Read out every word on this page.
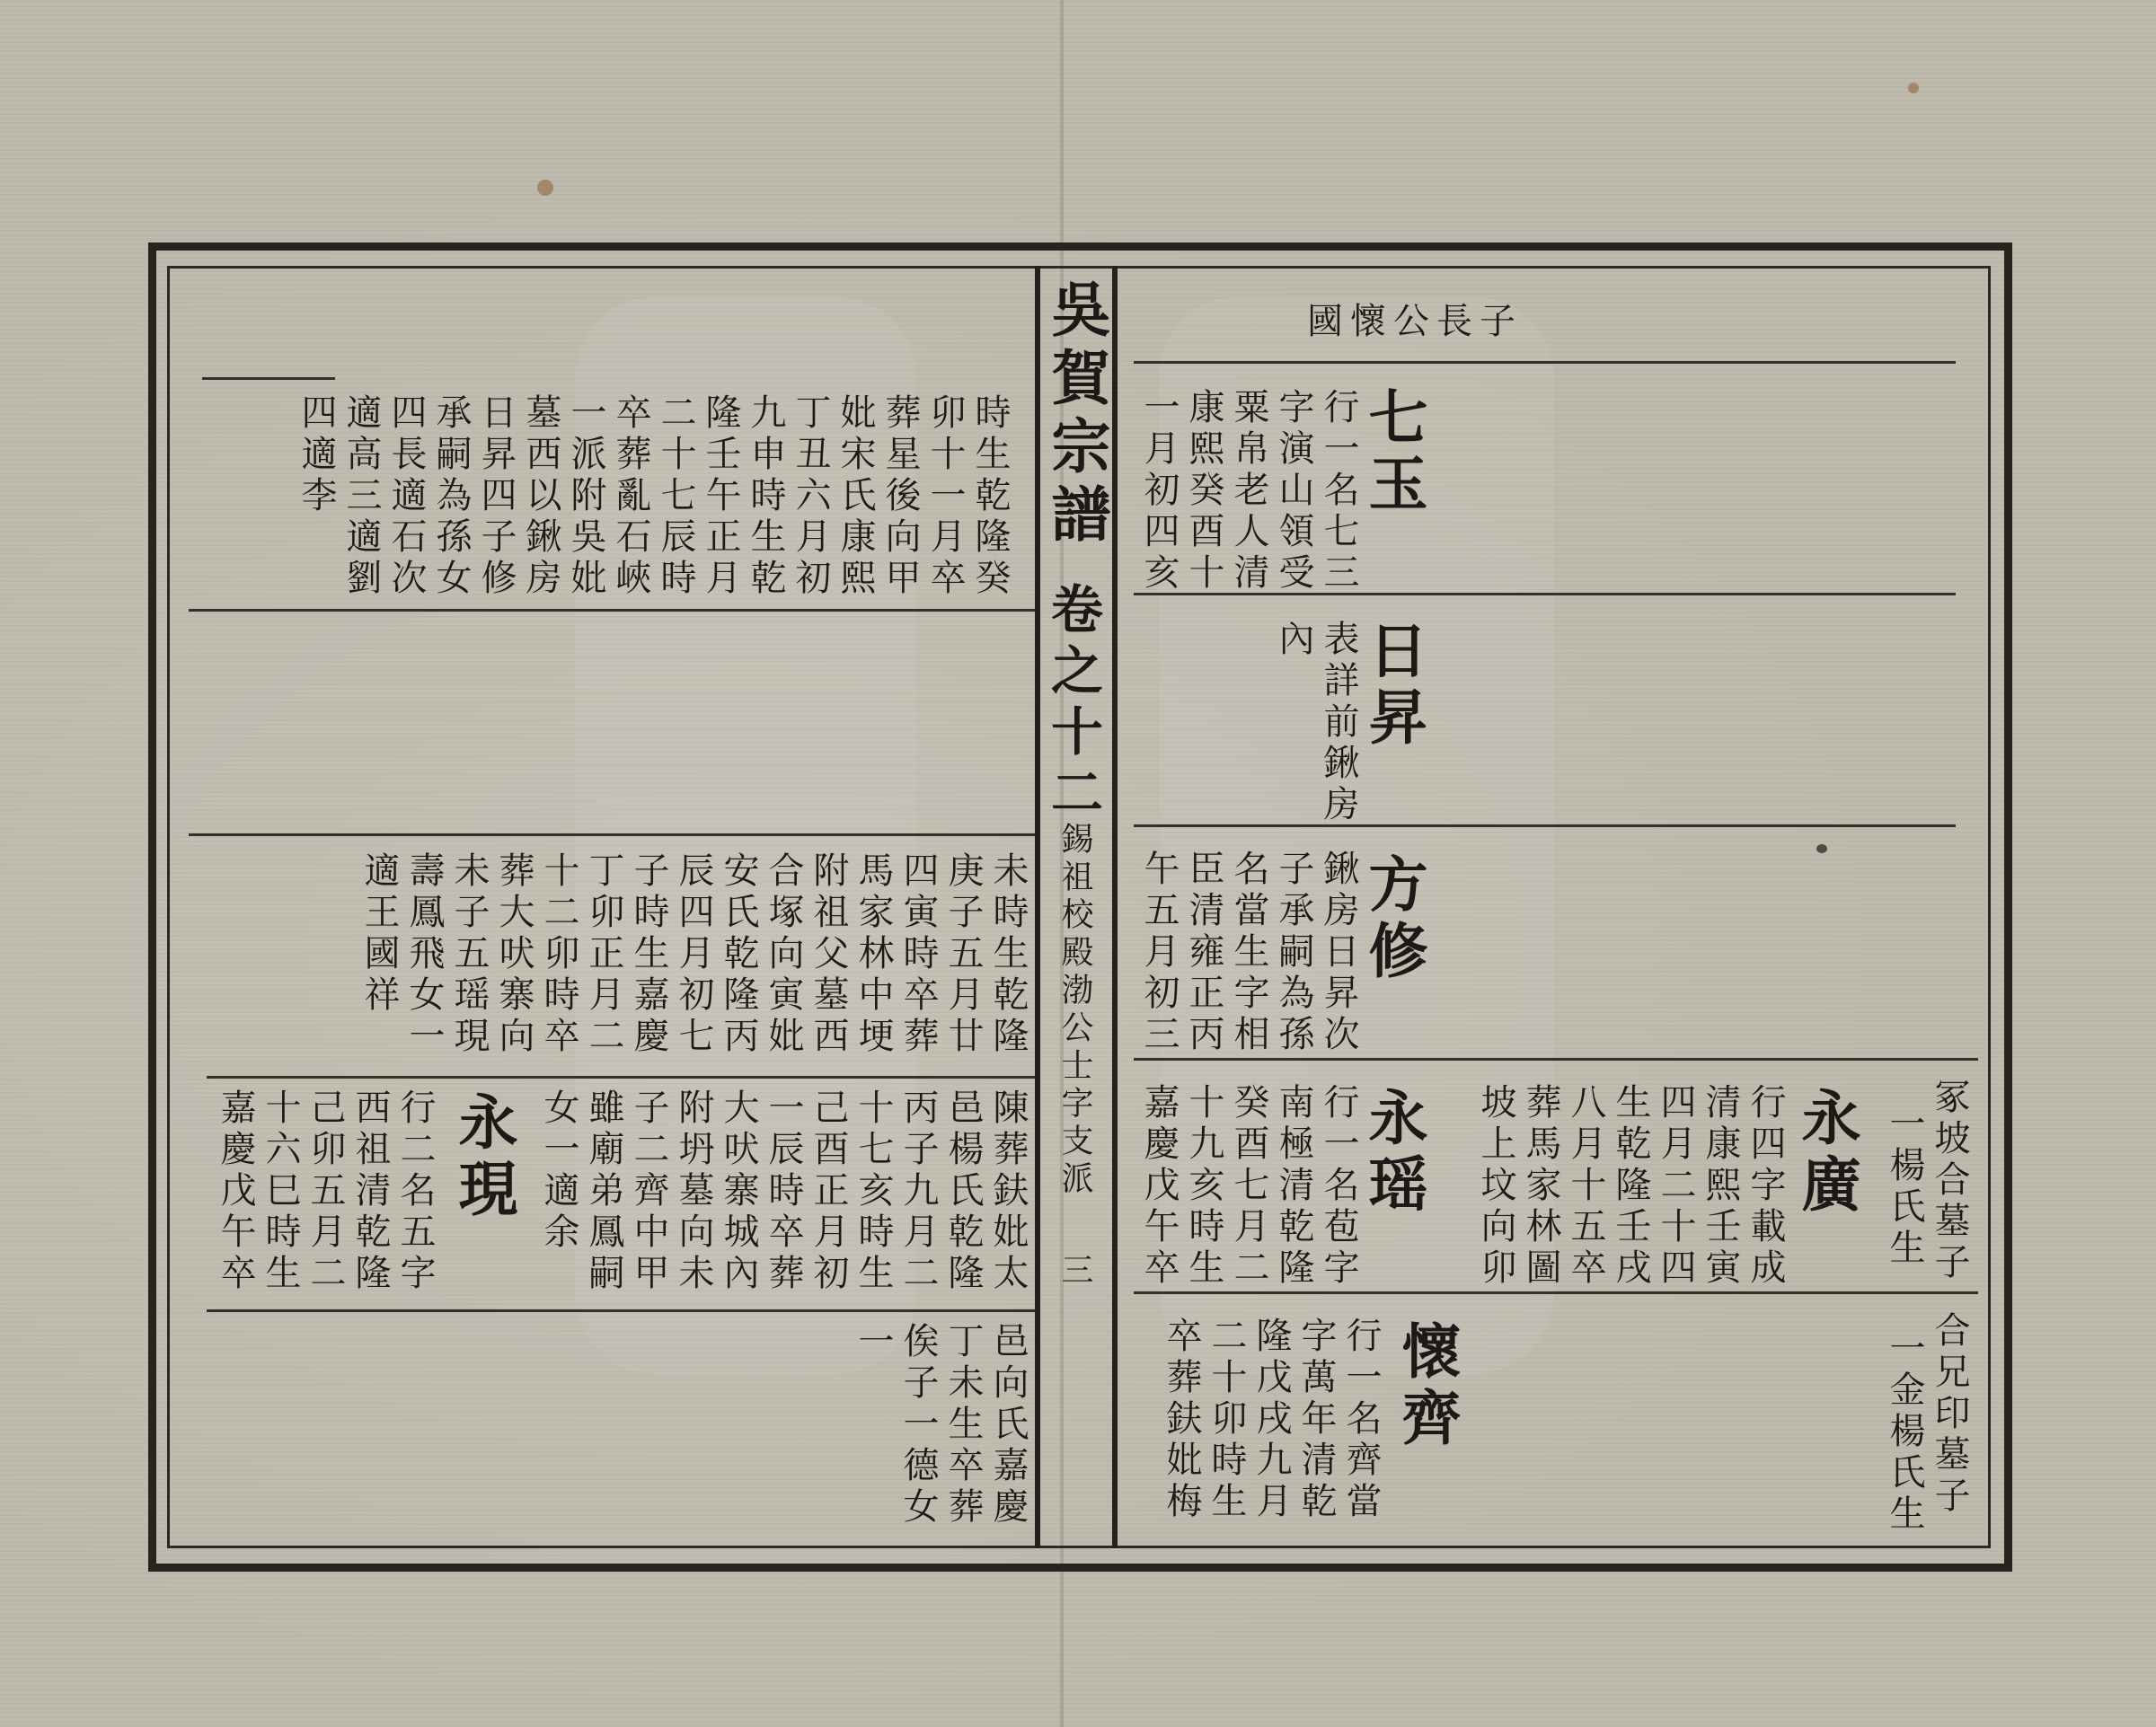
吳賀宗譜
卷之十二
錫祖校殿渤公士字支派
三
國懷公長子
七玉
日昇
方修
永瑶
懷齊
永廣
行一名七三
字演山領受
粟帛老人清
康熙癸酉十
一月初四亥
表詳前鍬房
內
鍬房日昇次
子承嗣為孫
名當生字相
臣清雍正丙
午五月初三
行一名苞字
南極清乾隆
癸酉七月二
十九亥時生
嘉慶戊午卒	行四字載成
清康熙壬寅
四月二十四
生乾隆壬戌
八月十五卒
葬馬家林圖
坡上坟向卯	一楊氏生 冢坡合墓子
行一名齊當
字萬年清乾
隆戊戌九月
二十卯時生
卒葬鈇妣梅	合兄印墓子
一金楊氏生
時生乾隆癸
卯十一月卒
葬星後向甲
妣宋氏康熙
丁丑六月初
九申時生乾
隆壬午正月
二十七辰時
卒葬亂石峽
一派附吳妣
墓西以鍬房
日昇四子修
承嗣為孫女
四長適石次
適高三適劉
四適李
未時生乾隆
庚子五月廿
四寅時卒葬
馬家林中埂
附祖父墓西
合塚向寅妣
安氏乾隆丙
辰四月初七
子時生嘉慶
丁卯正月二
十二卯時卒
葬大吠寨向
未子五瑶現
壽鳳飛女一
適王國祥
陳葬鈇妣太
邑楊氏乾隆
丙子九月二
十七亥時生
己酉正月初
一辰時卒葬
大吠寨城內
附坍墓向未
子二齊中甲
雖廟弟鳳嗣
女一適余
永現
行二名五字
西祖清乾隆
己卯五月二
十六巳時生
嘉慶戊午卒
邑向氏嘉慶
丁未生卒葬
俟子一德女
一
